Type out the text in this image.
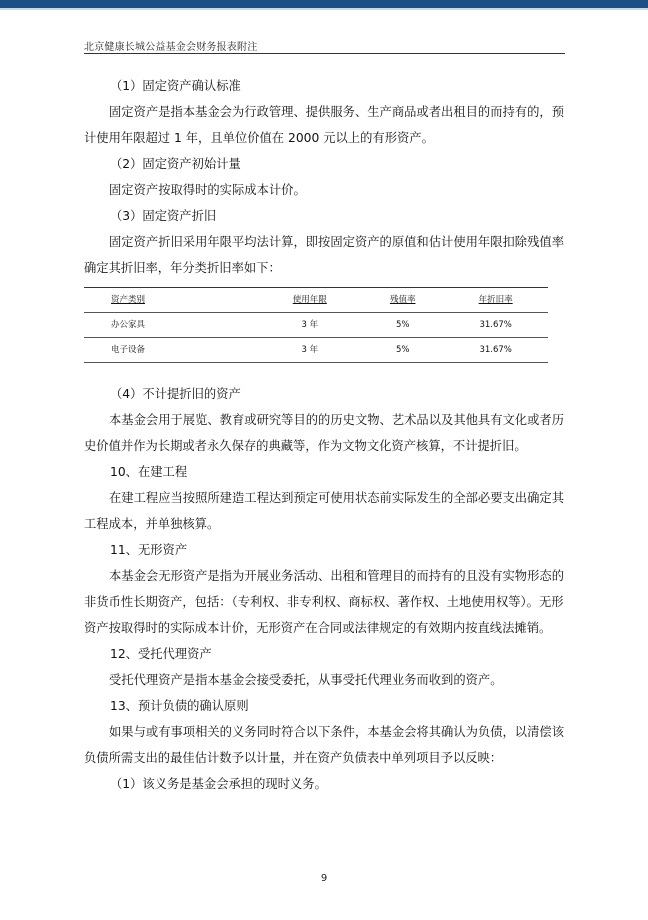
北京健康长城公益基金会财务报表附注
（1）固定资产确认标准
固定资产是指本基金会为行政管理、提供服务、生产商品或者出租目的而持有的，预计使用年限超过 1 年，且单位价值在 2000 元以上的有形资产。
（2）固定资产初始计量
固定资产按取得时的实际成本计价。
（3）固定资产折旧
固定资产折旧采用年限平均法计算，即按固定资产的原值和估计使用年限扣除残值率确定其折旧率，年分类折旧率如下：
资产类别	使用年限	残值率	年折旧率
办公家具	3 年	5%	31.67%
电子设备	3 年	5%	31.67%
（4）不计提折旧的资产
本基金会用于展览、教育或研究等目的的历史文物、艺术品以及其他具有文化或者历史价值并作为长期或者永久保存的典藏等，作为文物文化资产核算，不计提折旧。
10、在建工程
在建工程应当按照所建造工程达到预定可使用状态前实际发生的全部必要支出确定其工程成本，并单独核算。
11、无形资产
本基金会无形资产是指为开展业务活动、出租和管理目的而持有的且没有实物形态的非货币性长期资产，包括：（专利权、非专利权、商标权、著作权、土地使用权等）。无形资产按取得时的实际成本计价，无形资产在合同或法律规定的有效期内按直线法摊销。
12、受托代理资产
受托代理资产是指本基金会接受委托，从事受托代理业务而收到的资产。
13、预计负债的确认原则
如果与或有事项相关的义务同时符合以下条件，本基金会将其确认为负债，以清偿该负债所需支出的最佳估计数予以计量，并在资产负债表中单列项目予以反映：
（1）该义务是基金会承担的现时义务。
9
